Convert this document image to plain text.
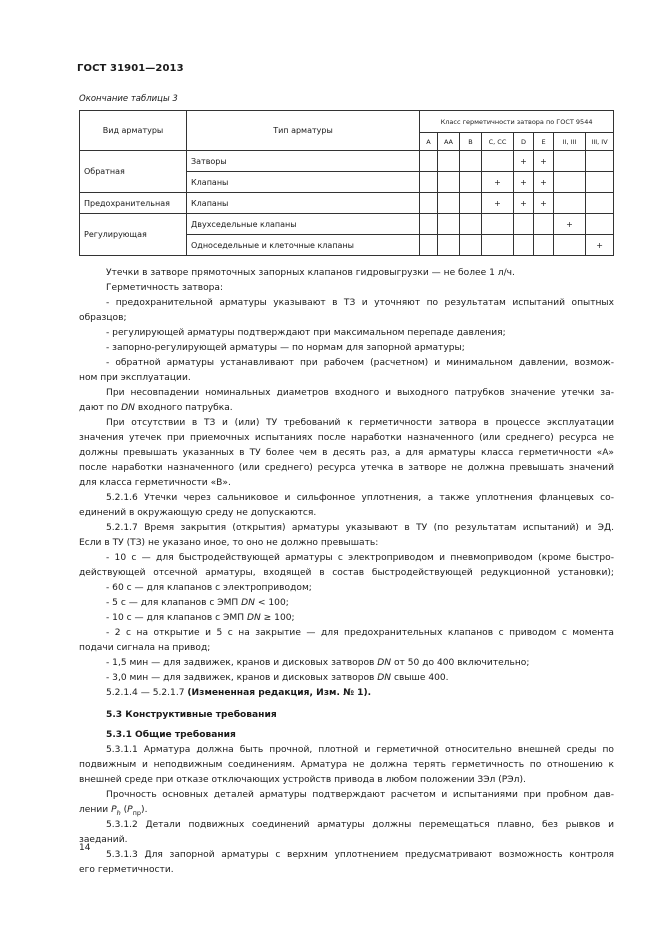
ГОСТ 31901—2013
Окончание таблицы 3
Вид арматуры	Тип арматуры	Класс герметичности затвора по ГОСТ 9544							
		А	АА	В	С, СС	D	Е	II, III	III, IV
Обратная	Затворы					+	+		
	Клапаны				+	+	+		
Предохранительная	Клапаны				+	+	+		
Регулирующая	Двухседельные клапаны							+	
	Односедельные и клеточные клапаны								+
Утечки в затворе прямоточных запорных клапанов гидровыгрузки — не более 1 л/ч.
Герметичность затвора:
- предохранительной арматуры указывают в ТЗ и уточняют по результатам испытаний опытных
образцов;
- регулирующей арматуры подтверждают при максимальном перепаде давления;
- запорно-регулирующей арматуры — по нормам для запорной арматуры;
- обратной арматуры устанавливают при рабочем (расчетном) и минимальном давлении, возмож-
ном при эксплуатации.
При несовпадении номинальных диаметров входного и выходного патрубков значение утечки за-
дают по DN входного патрубка.
При отсутствии в ТЗ и (или) ТУ требований к герметичности затвора в процессе эксплуатации
значения утечек при приемочных испытаниях после наработки назначенного (или среднего) ресурса не
должны превышать указанных в ТУ более чем в десять раз, а для арматуры класса герметичности «А»
после наработки назначенного (или среднего) ресурса утечка в затворе не должна превышать значений
для класса герметичности «В».
5.2.1.6 Утечки через сальниковое и сильфонное уплотнения, а также уплотнения фланцевых со-
единений в окружающую среду не допускаются.
5.2.1.7 Время закрытия (открытия) арматуры указывают в ТУ (по результатам испытаний) и ЭД.
Если в ТУ (ТЗ) не указано иное, то оно не должно превышать:
- 10 с — для быстродействующей арматуры с электроприводом и пневмоприводом (кроме быстро-
действующей отсечной арматуры, входящей в состав быстродействующей редукционной установки);
- 60 с — для клапанов с электроприводом;
- 5 с — для клапанов с ЭМП DN < 100;
- 10 с — для клапанов с ЭМП DN ≥ 100;
- 2 с на открытие и 5 с на закрытие — для предохранительных клапанов с приводом с момента
подачи сигнала на привод;
- 1,5 мин — для задвижек, кранов и дисковых затворов DN от 50 до 400 включительно;
- 3,0 мин — для задвижек, кранов и дисковых затворов DN свыше 400.
5.2.1.4 — 5.2.1.7 (Измененная редакция, Изм. № 1).
5.3 Конструктивные требования
5.3.1 Общие требования
5.3.1.1 Арматура должна быть прочной, плотной и герметичной относительно внешней среды по
подвижным и неподвижным соединениям. Арматура не должна терять герметичность по отношению к
внешней среде при отказе отключающих устройств привода в любом положении ЗЭл (РЭл).
Прочность основных деталей арматуры подтверждают расчетом и испытаниями при пробном дав-
лении $P_h$ $(P_{пр})$.
5.3.1.2 Детали подвижных соединений арматуры должны перемещаться плавно, без рывков и
заеданий.
5.3.1.3 Для запорной арматуры с верхним уплотнением предусматривают возможность контроля
его герметичности.
14
